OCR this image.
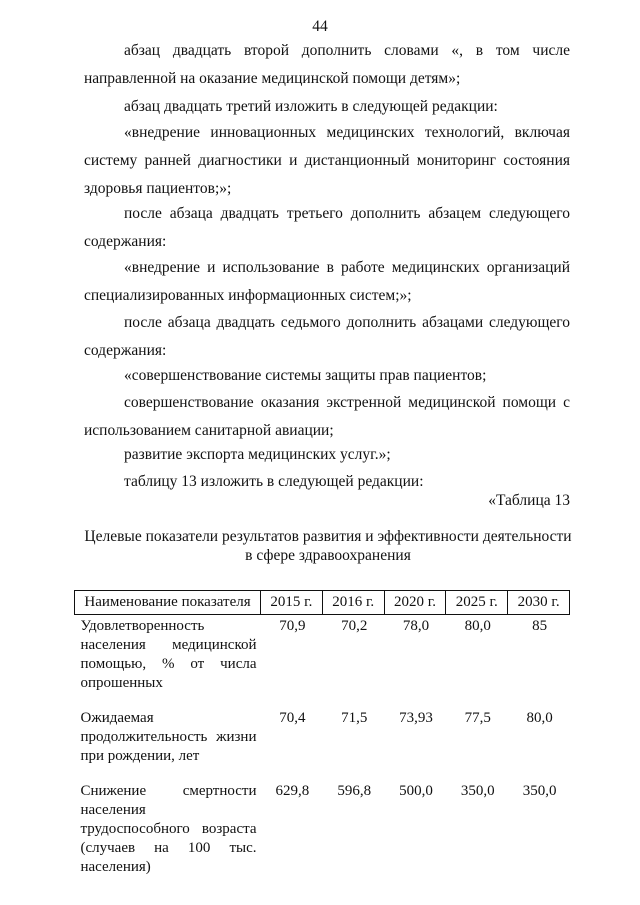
44

абзац двадцать второй дополнить словами «, в том числе направленной на оказание медицинской помощи детям»;

абзац двадцать третий изложить в следующей редакции:

«внедрение инновационных медицинских технологий, включая систему ранней диагностики и дистанционный мониторинг состояния здоровья пациентов;»;

после абзаца двадцать третьего дополнить абзацем следующего содержания:

«внедрение и использование в работе медицинских организаций специализированных информационных систем;»;

после абзаца двадцать седьмого дополнить абзацами следующего содержания:

«совершенствование системы защиты прав пациентов;

совершенствование оказания экстренной медицинской помощи с использованием санитарной авиации;

развитие экспорта медицинских услуг.»;

таблицу 13 изложить в следующей редакции:

«Таблица 13
Целевые показатели результатов развития и эффективности деятельности в сфере здравоохранения
Наименование показателя	2015 г.	2016 г.	2020 г.	2025 г.	2030 г.
Удовлетворенность населения медицинской помощью, % от числа опрошенных	70,9	70,2	78,0	80,0	85
Ожидаемая продолжительность жизни при рождении, лет	70,4	71,5	73,93	77,5	80,0
Снижение смертности населения трудоспособного возраста (случаев на 100 тыс. населения)	629,8	596,8	500,0	350,0	350,0
